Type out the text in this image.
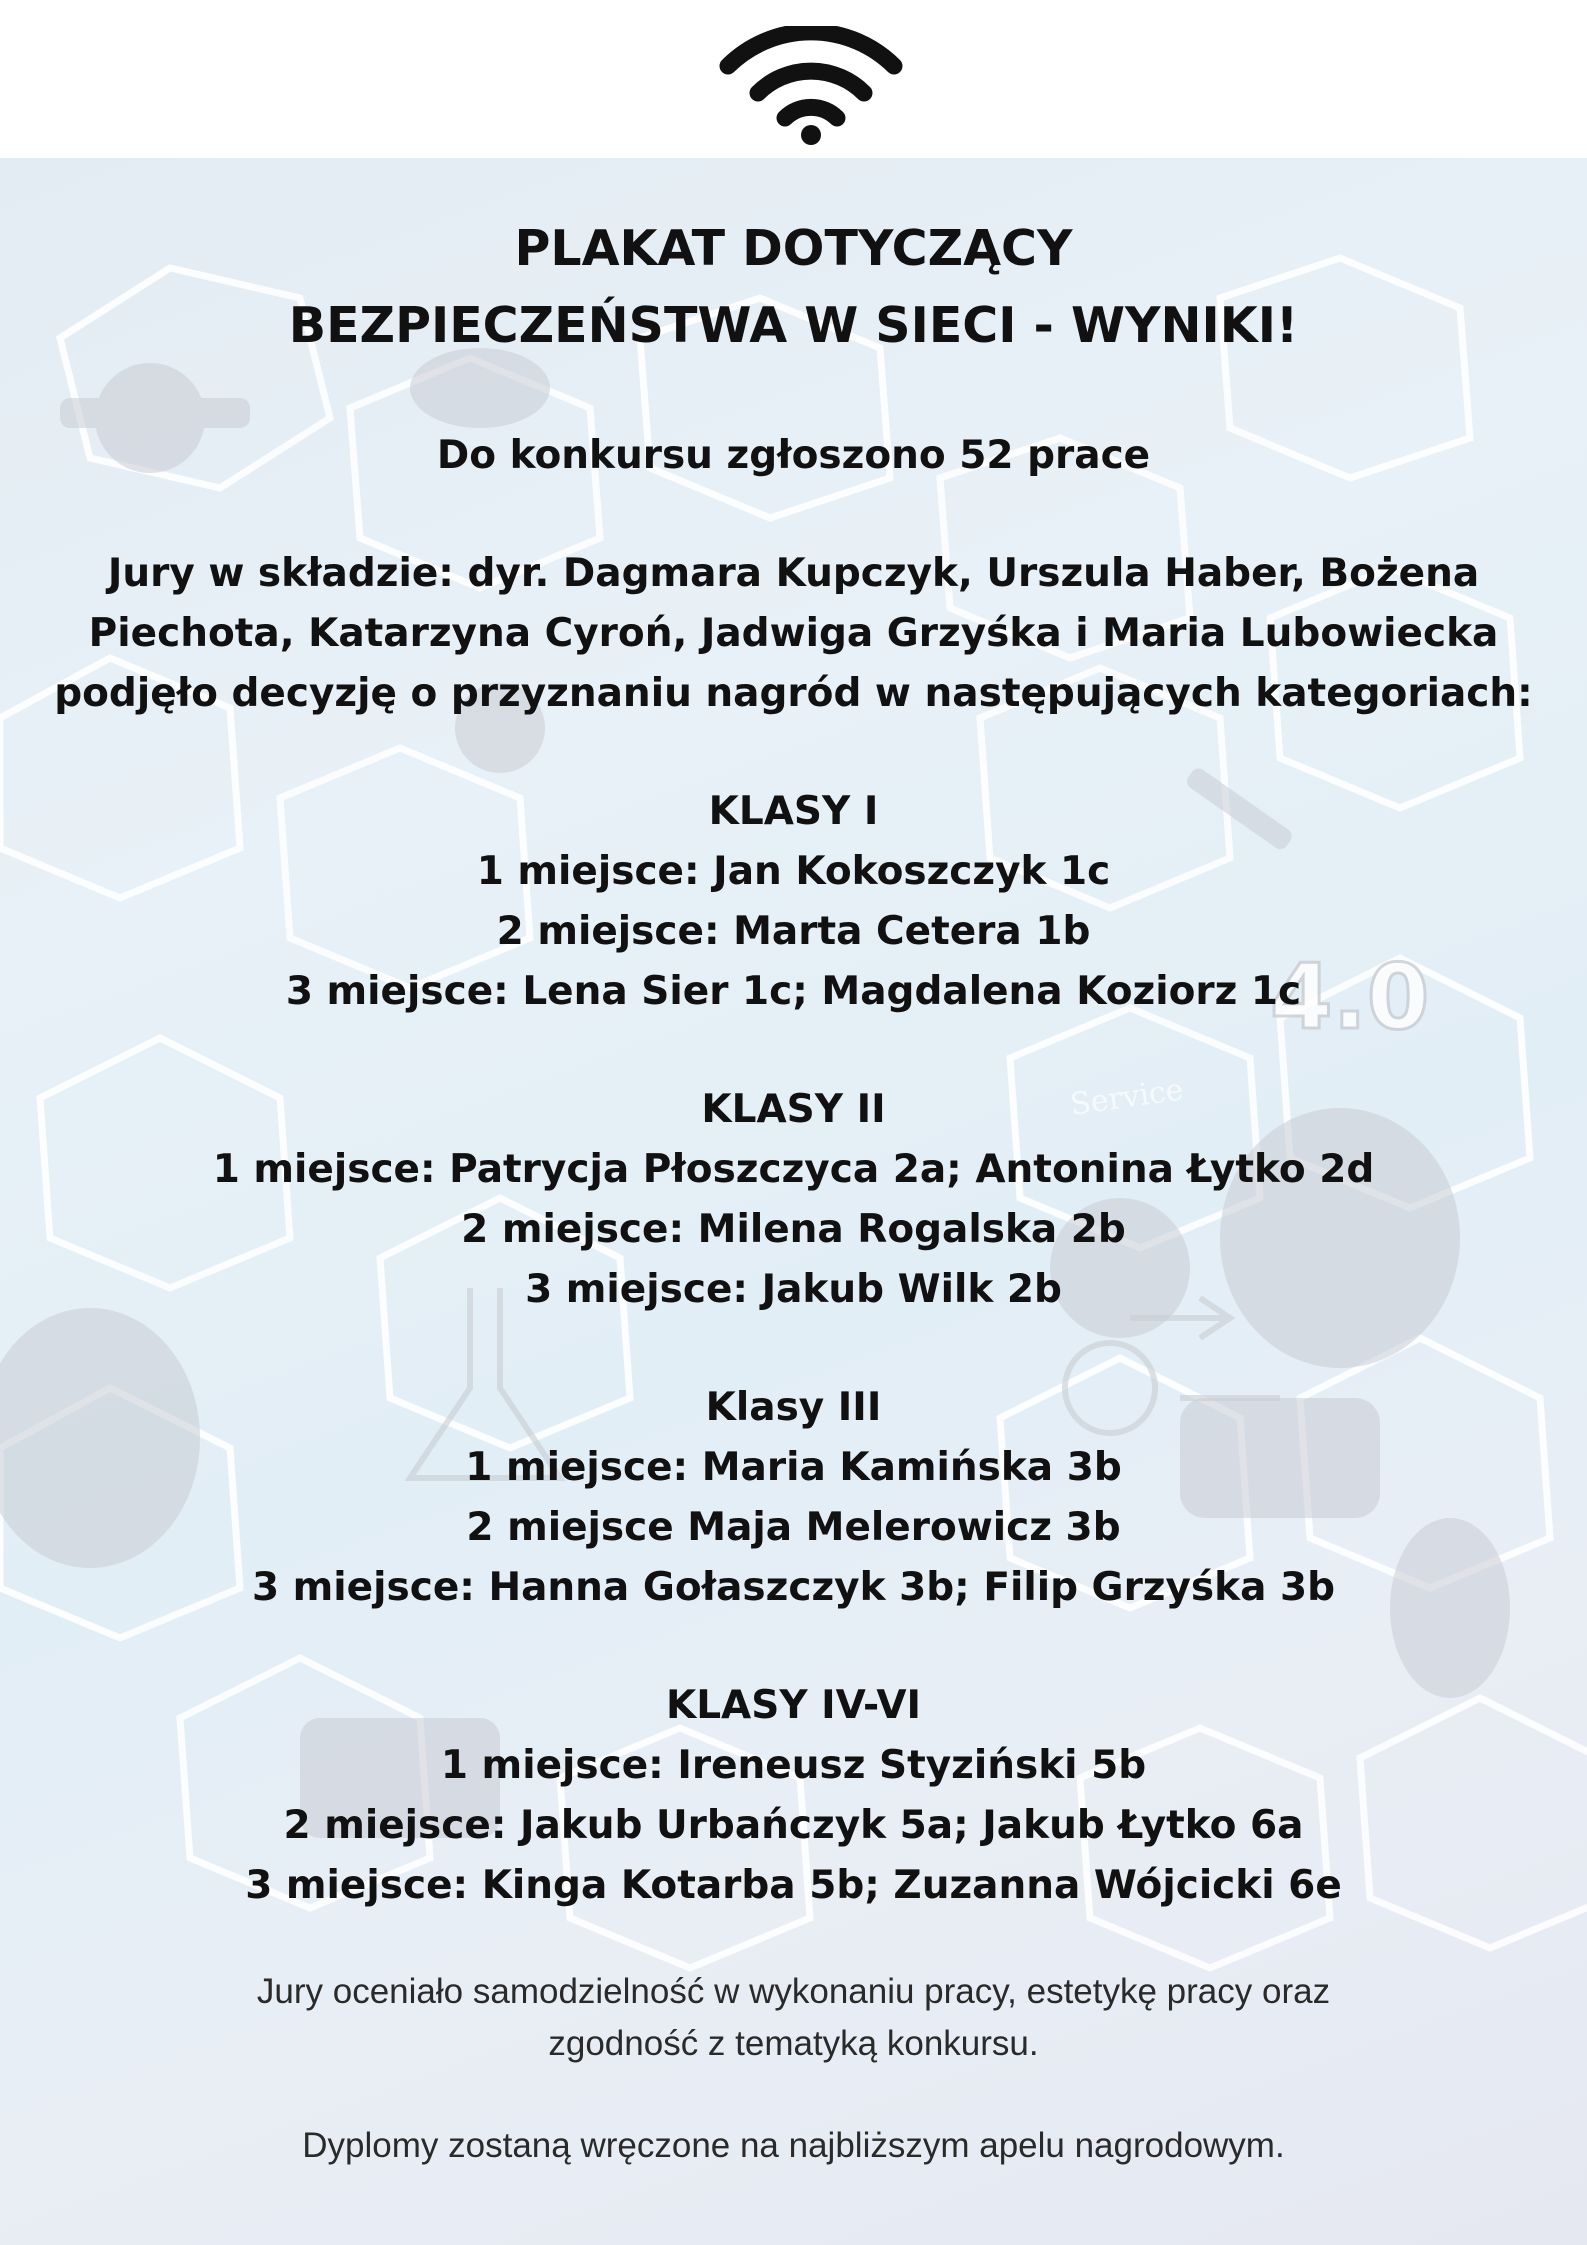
4.0
Service
PLAKAT DOTYCZĄCY
BEZPIECZEŃSTWA W SIECI - WYNIKI!
Do konkursu zgłoszono 52 prace
Jury w składzie: dyr. Dagmara Kupczyk, Urszula Haber, Bożena
Piechota, Katarzyna Cyroń, Jadwiga Grzyśka i Maria Lubowiecka
podjęło decyzję o przyznaniu nagród w następujących kategoriach:
KLASY I
1 miejsce: Jan Kokoszczyk 1c
2 miejsce: Marta Cetera 1b
3 miejsce: Lena Sier 1c; Magdalena Koziorz 1c
KLASY II
1 miejsce: Patrycja Płoszczyca 2a; Antonina Łytko 2d
2 miejsce: Milena Rogalska 2b
3 miejsce: Jakub Wilk 2b
Klasy III
1 miejsce: Maria Kamińska 3b
2 miejsce Maja Melerowicz 3b
3 miejsce: Hanna Gołaszczyk 3b; Filip Grzyśka 3b
KLASY IV-VI
1 miejsce: Ireneusz Styziński 5b
2 miejsce: Jakub Urbańczyk 5a; Jakub Łytko 6a
3 miejsce: Kinga Kotarba 5b; Zuzanna Wójcicki 6e
Jury oceniało samodzielność w wykonaniu pracy, estetykę pracy oraz
zgodność z tematyką konkursu.
Dyplomy zostaną wręczone na najbliższym apelu nagrodowym.
